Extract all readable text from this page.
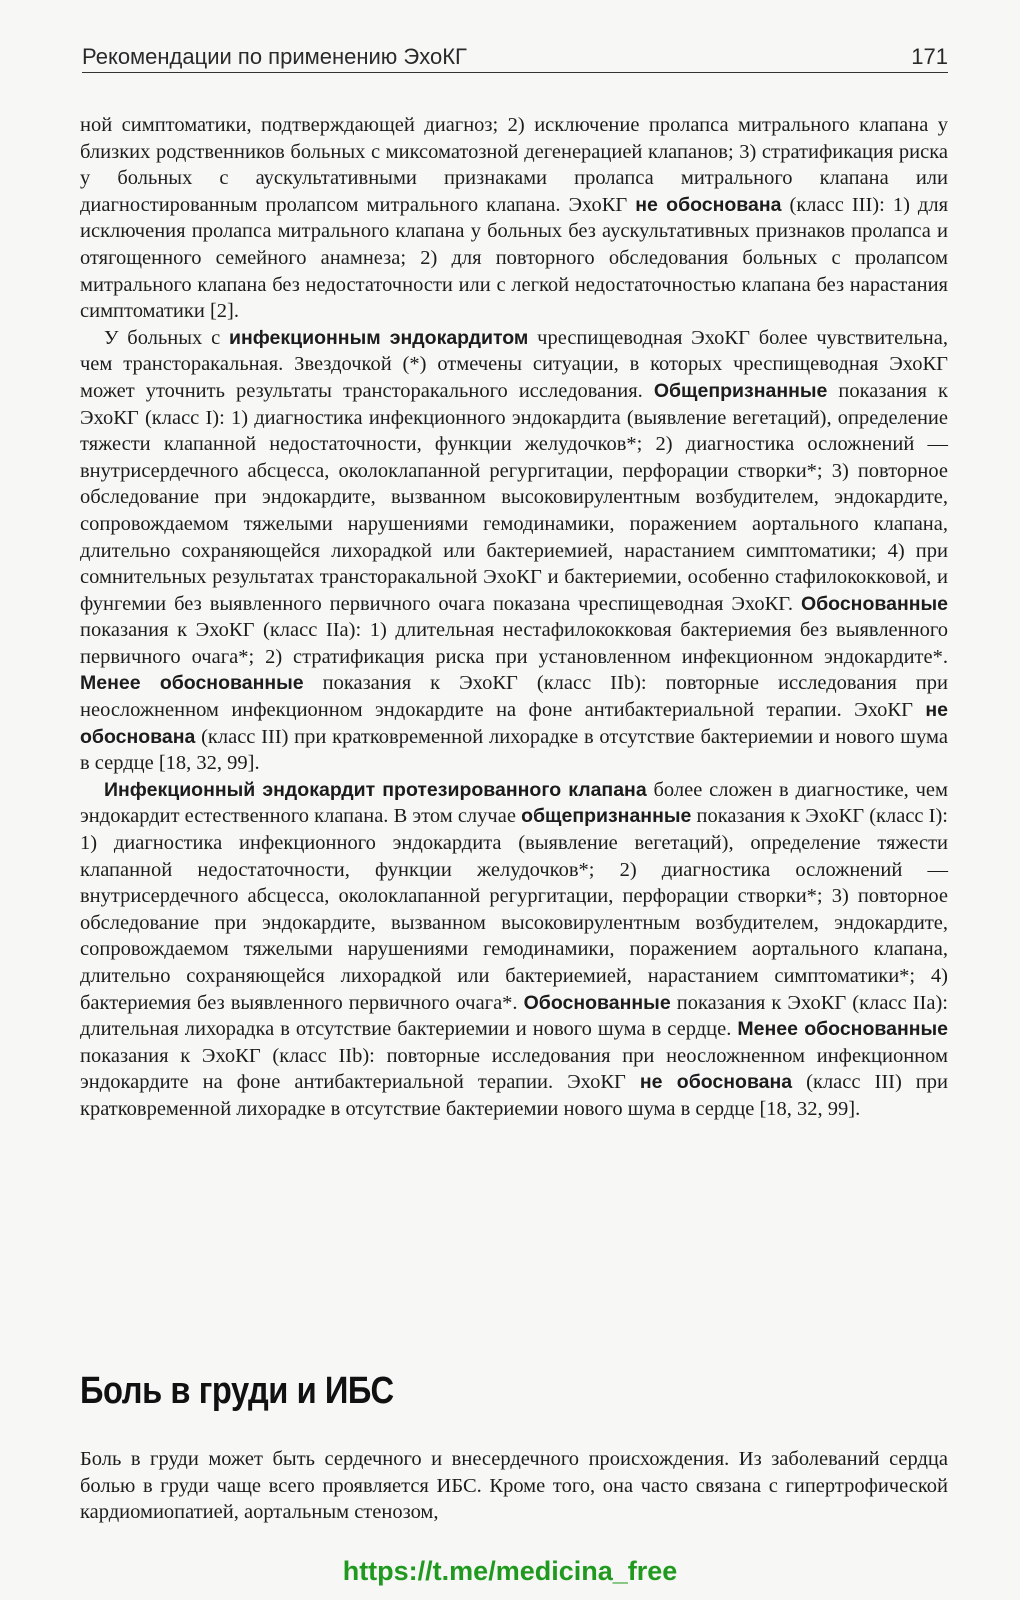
Рекомендации по применению ЭхоКГ	171

ной симптоматики, подтверждающей диагноз; 2) исключение пролапса митрального клапана у близких родственников больных с миксоматозной дегенерацией клапанов; 3) стратификация риска у больных с аускультативными признаками пролапса митрального клапана или диагностированным пролапсом митрального клапана. ЭхоКГ не обоснована (класс III): 1) для исключения пролапса митрального клапана у больных без аускультативных признаков пролапса и отягощенного семейного анамнеза; 2) для повторного обследования больных с пролапсом митрального клапана без недостаточности или с легкой недостаточностью клапана без нарастания симптоматики [2].

У больных с инфекционным эндокардитом чреспищеводная ЭхоКГ более чувствительна, чем трансторакальная. Звездочкой (*) отмечены ситуации, в которых чреспищеводная ЭхоКГ может уточнить результаты трансторакального исследования. Общепризнанные показания к ЭхоКГ (класс I): 1) диагностика инфекционного эндокардита (выявление вегетаций), определение тяжести клапанной недостаточности, функции желудочков*; 2) диагностика осложнений — внутрисердечного абсцесса, околоклапанной регургитации, перфорации створки*; 3) повторное обследование при эндокардите, вызванном высоковирулентным возбудителем, эндокардите, сопровождаемом тяжелыми нарушениями гемодинамики, поражением аортального клапана, длительно сохраняющейся лихорадкой или бактериемией, нарастанием симптоматики; 4) при сомнительных результатах трансторакальной ЭхоКГ и бактериемии, особенно стафилококковой, и фунгемии без выявленного первичного очага показана чреспищеводная ЭхоКГ. Обоснованные показания к ЭхоКГ (класс IIa): 1) длительная нестафилококковая бактериемия без выявленного первичного очага*; 2) стратификация риска при установленном инфекционном эндокардите*. Менее обоснованные показания к ЭхоКГ (класс IIb): повторные исследования при неосложненном инфекционном эндокардите на фоне антибактериальной терапии. ЭхоКГ не обоснована (класс III) при кратковременной лихорадке в отсутствие бактериемии и нового шума в сердце [18, 32, 99].

Инфекционный эндокардит протезированного клапана более сложен в диагностике, чем эндокардит естественного клапана. В этом случае общепризнанные показания к ЭхоКГ (класс I): 1) диагностика инфекционного эндокардита (выявление вегетаций), определение тяжести клапанной недостаточности, функции желудочков*; 2) диагностика осложнений — внутрисердечного абсцесса, околоклапанной регургитации, перфорации створки*; 3) повторное обследование при эндокардите, вызванном высоковирулентным возбудителем, эндокардите, сопровождаемом тяжелыми нарушениями гемодинамики, поражением аортального клапана, длительно сохраняющейся лихорадкой или бактериемией, нарастанием симптоматики*; 4) бактериемия без выявленного первичного очага*. Обоснованные показания к ЭхоКГ (класс IIa): длительная лихорадка в отсутствие бактериемии и нового шума в сердце. Менее обоснованные показания к ЭхоКГ (класс IIb): повторные исследования при неосложненном инфекционном эндокардите на фоне антибактериальной терапии. ЭхоКГ не обоснована (класс III) при кратковременной лихорадке в отсутствие бактериемии нового шума в сердце [18, 32, 99].

Боль в груди и ИБС

Боль в груди может быть сердечного и внесердечного происхождения. Из заболеваний сердца болью в груди чаще всего проявляется ИБС. Кроме того, она часто связана с гипертрофической кардиомиопатией, аортальным стенозом,

https://t.me/medicina_free
